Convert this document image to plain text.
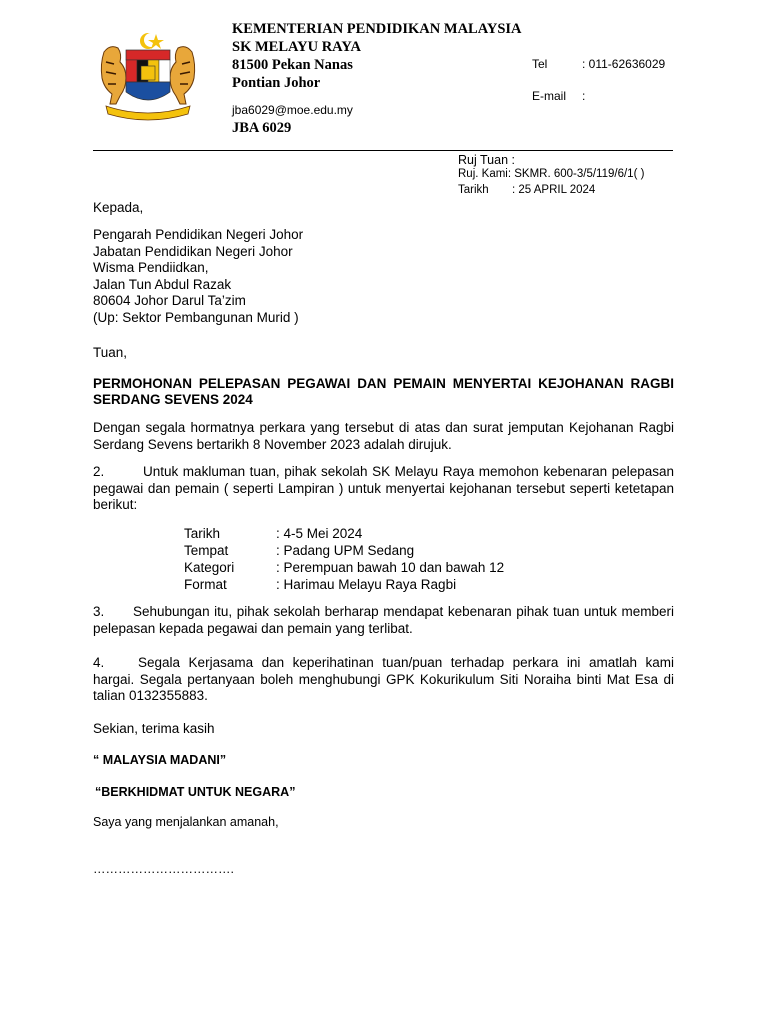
KEMENTERIAN PENDIDIKAN MALAYSIA
SK MELAYU RAYA
81500 Pekan Nanas
Pontian Johor
jba6029@moe.edu.my
JBA 6029
Tel	: 011-62636029
E-mail :
Ruj Tuan :
Ruj. Kami: SKMR. 600-3/5/119/6/1( )
Tarikh : 25 APRIL 2024
Kepada,
Pengarah Pendidikan Negeri Johor
Jabatan Pendidikan Negeri Johor
Wisma Pendiidkan,
Jalan Tun Abdul Razak
80604 Johor Darul Ta’zim
(Up: Sektor Pembangunan Murid )
Tuan,
PERMOHONAN PELEPASAN PEGAWAI DAN PEMAIN MENYERTAI KEJOHANAN RAGBI SERDANG SEVENS 2024
Dengan segala hormatnya perkara yang tersebut di atas dan surat jemputan Kejohanan Ragbi Serdang Sevens bertarikh 8 November 2023 adalah dirujuk.
2.	Untuk makluman tuan, pihak sekolah SK Melayu Raya memohon kebenaran pelepasan pegawai dan pemain ( seperti Lampiran ) untuk menyertai kejohanan tersebut seperti ketetapan berikut:
Tarikh	: 4-5 Mei 2024
Tempat	: Padang UPM Sedang
Kategori	: Perempuan bawah 10 dan bawah 12
Format	: Harimau Melayu Raya Ragbi
3. Sehubungan itu, pihak sekolah berharap mendapat kebenaran pihak tuan untuk memberi pelepasan kepada pegawai dan pemain yang terlibat.
4. Segala Kerjasama dan keperihatinan tuan/puan terhadap perkara ini amatlah kami hargai. Segala pertanyaan boleh menghubungi GPK Kokurikulum Siti Noraiha binti Mat Esa di talian 0132355883.
Sekian, terima kasih
“ MALAYSIA MADANI”
“BERKHIDMAT UNTUK NEGARA”
Saya yang menjalankan amanah,
…………………………….
